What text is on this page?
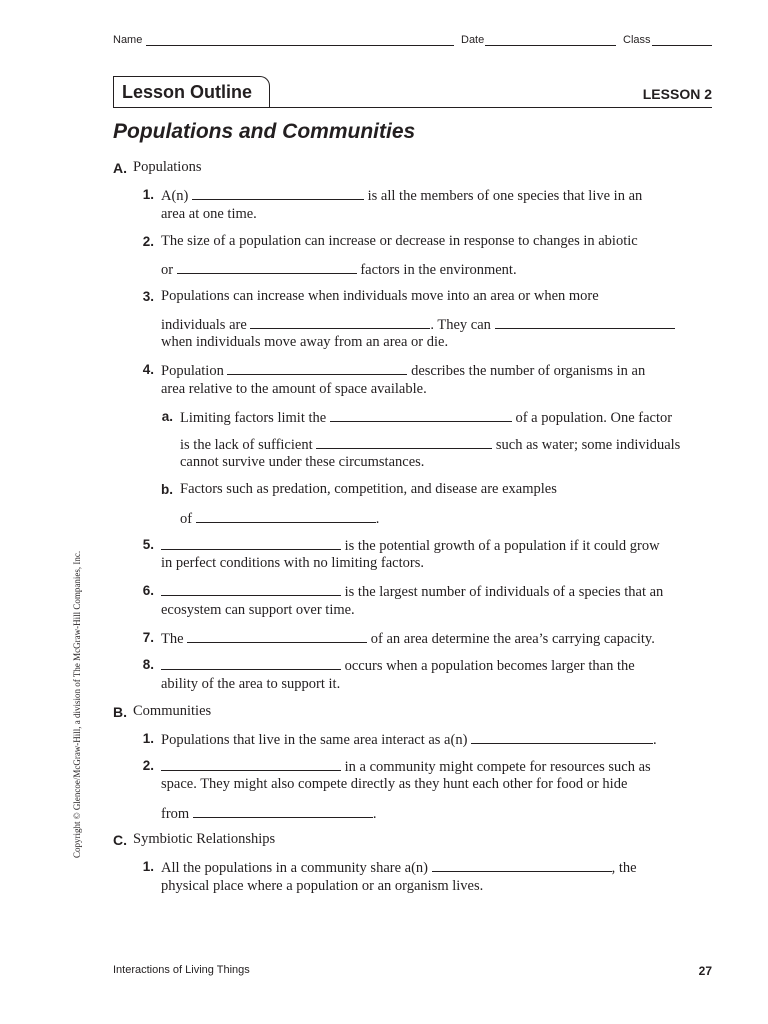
Name	Date	Class
Lesson Outline	LESSON 2
Populations and Communities
A. Populations
1. A(n)	is all the members of one species that live in an
area at one time.
2. The size of a population can increase or decrease in response to changes in abiotic
or	factors in the environment.
3. Populations can increase when individuals move into an area or when more
individuals are	. They can
when individuals move away from an area or die.
4. Population	describes the number of organisms in an
area relative to the amount of space available.
a. Limiting factors limit the	of a population. One factor
is the lack of sufficient	such as water; some individuals
cannot survive under these circumstances.
b. Factors such as predation, competition, and disease are examples
of	.
5.	is the potential growth of a population if it could grow
in perfect conditions with no limiting factors.
6.	is the largest number of individuals of a species that an
ecosystem can support over time.
7. The	of an area determine the area’s carrying capacity.
8.	occurs when a population becomes larger than the
ability of the area to support it.
B. Communities
1. Populations that live in the same area interact as a(n)	.
2.	in a community might compete for resources such as
space. They might also compete directly as they hunt each other for food or hide
from	.
C. Symbiotic Relationships
1. All the populations in a community share a(n)	, the
physical place where a population or an organism lives.
Copyright © Glencoe/McGraw-Hill, a division of The McGraw-Hill Companies, Inc.
Interactions of Living Things	27
